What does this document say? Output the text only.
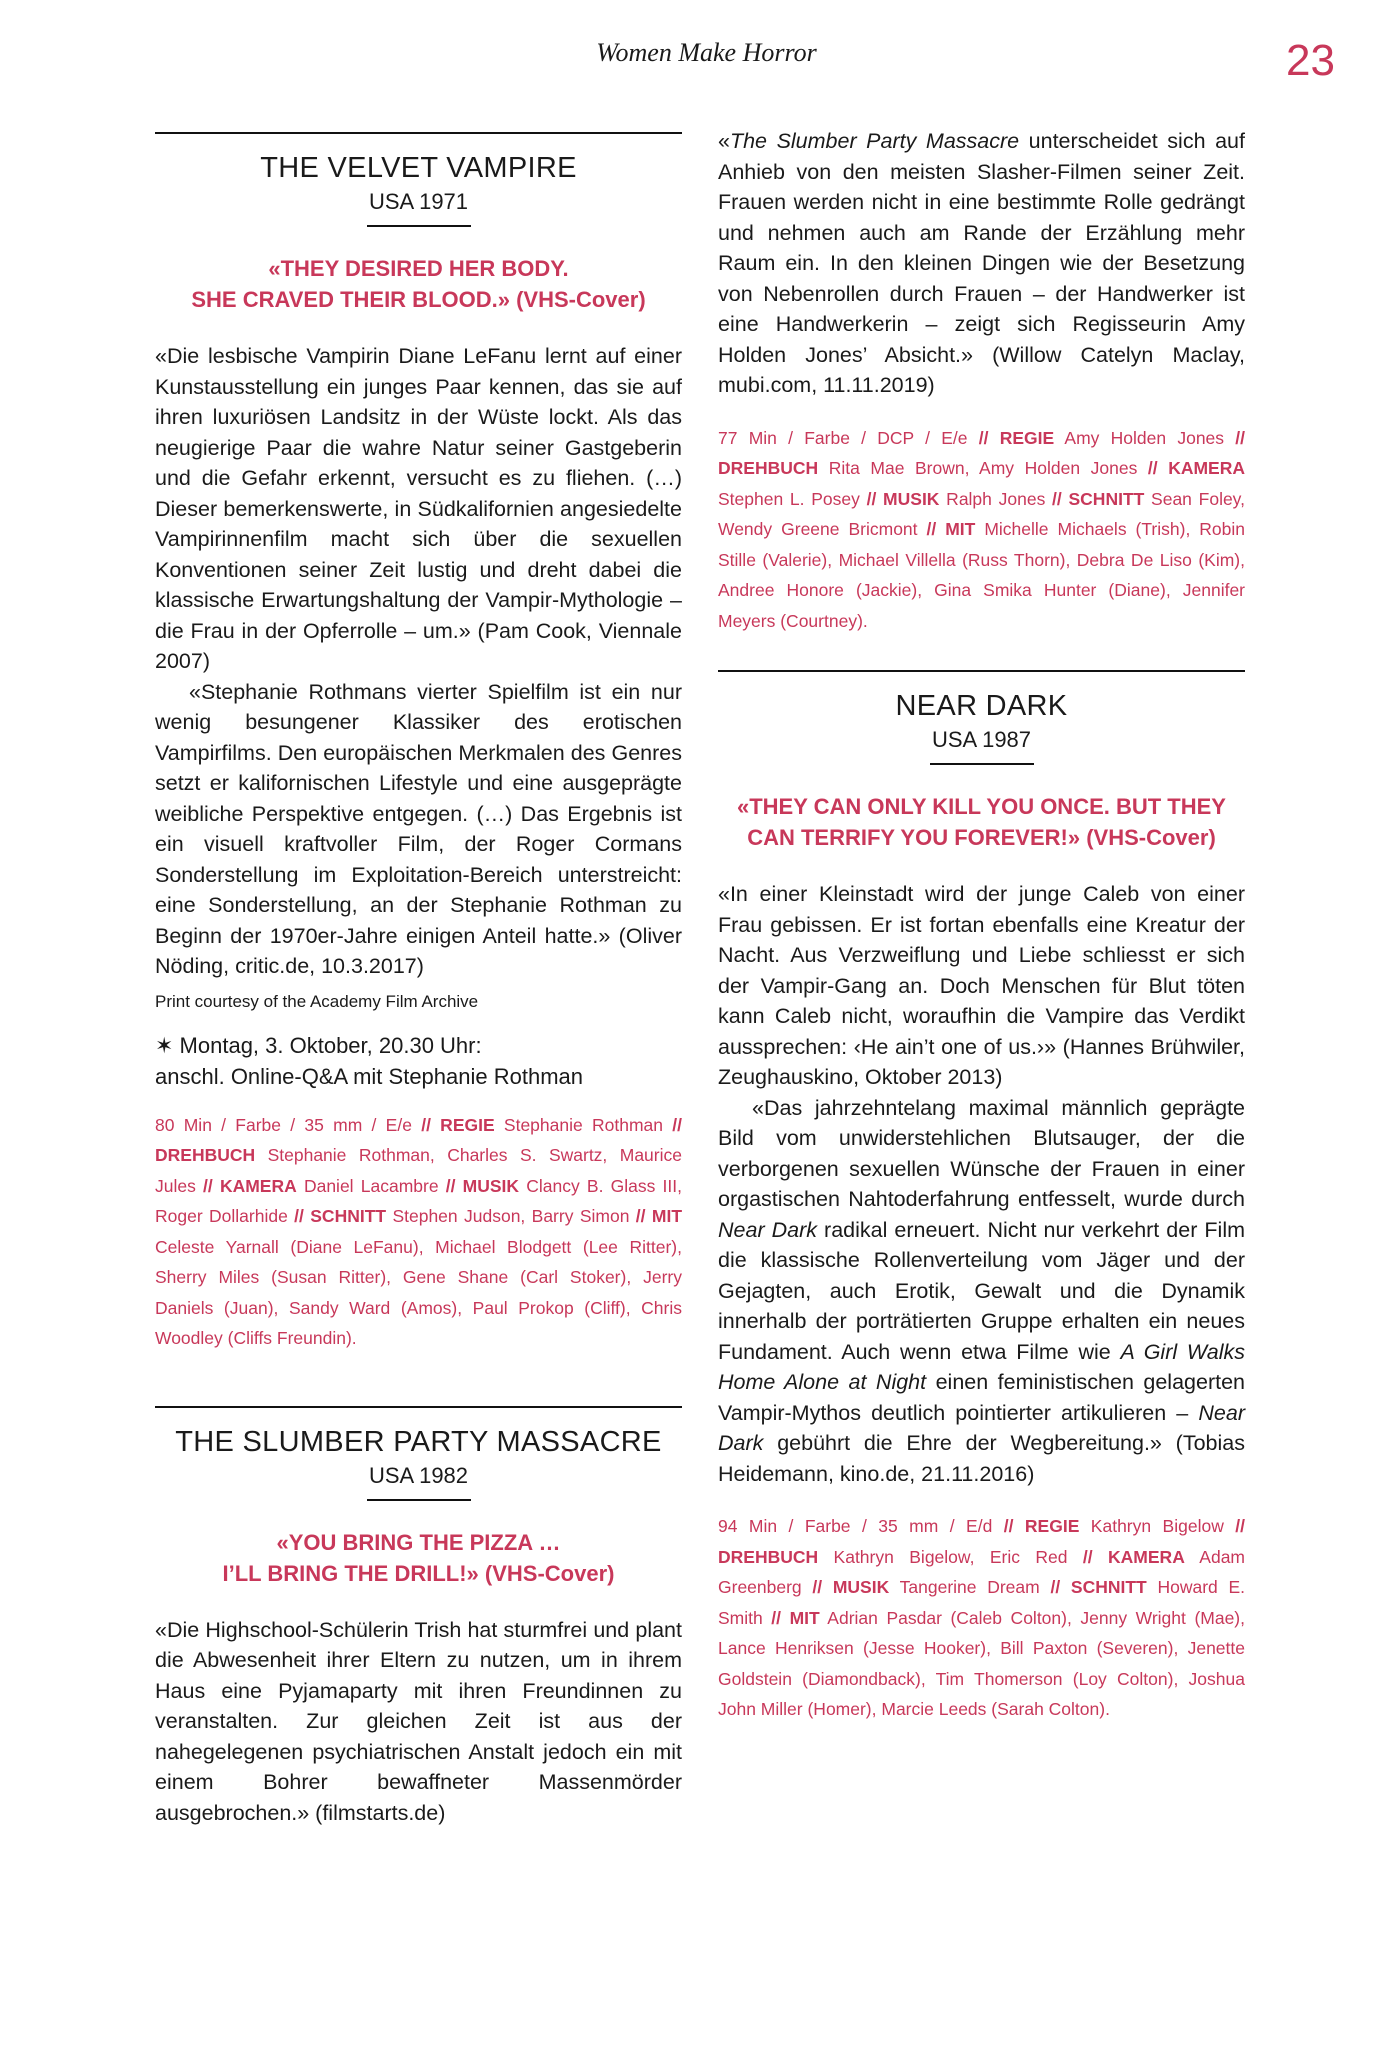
Women Make Horror	23
THE VELVET VAMPIRE
USA 1971
«THEY DESIRED HER BODY.
SHE CRAVED THEIR BLOOD.» (VHS-Cover)

«Die lesbische Vampirin Diane LeFanu lernt auf einer Kunstausstellung ein junges Paar kennen, das sie auf ihren luxuriösen Landsitz in der Wüste lockt. Als das neugierige Paar die wahre Natur seiner Gastgeberin und die Gefahr erkennt, versucht es zu fliehen. (…) Dieser bemerkenswerte, in Südkalifornien angesiedelte Vampirinnenfilm macht sich über die sexuellen Konventionen seiner Zeit lustig und dreht dabei die klassische Erwartungshaltung der Vampir-Mythologie – die Frau in der Opferrolle – um.» (Pam Cook, Viennale 2007)

«Stephanie Rothmans vierter Spielfilm ist ein nur wenig besungener Klassiker des erotischen Vampirfilms. Den europäischen Merkmalen des Genres setzt er kalifornischen Lifestyle und eine ausgeprägte weibliche Perspektive entgegen. (…) Das Ergebnis ist ein visuell kraftvoller Film, der Roger Cormans Sonderstellung im Exploitation-Bereich unterstreicht: eine Sonderstellung, an der Stephanie Rothman zu Beginn der 1970er-Jahre einigen Anteil hatte.» (Oliver Nöding, critic.de, 10.3.2017)

Print courtesy of the Academy Film Archive
✶ Montag, 3. Oktober, 20.30 Uhr:
anschl. Online-Q&A mit Stephanie Rothman
80 Min / Farbe / 35 mm / E/e // REGIE Stephanie Rothman // DREHBUCH Stephanie Rothman, Charles S. Swartz, Maurice Jules // KAMERA Daniel Lacambre // MUSIK Clancy B. Glass III, Roger Dollarhide // SCHNITT Stephen Judson, Barry Simon // MIT Celeste Yarnall (Diane LeFanu), Michael Blodgett (Lee Ritter), Sherry Miles (Susan Ritter), Gene Shane (Carl Stoker), Jerry Daniels (Juan), Sandy Ward (Amos), Paul Prokop (Cliff), Chris Woodley (Cliffs Freundin).
THE SLUMBER PARTY MASSACRE
USA 1982
«YOU BRING THE PIZZA …
I’LL BRING THE DRILL!» (VHS-Cover)

«Die Highschool-Schülerin Trish hat sturmfrei und plant die Abwesenheit ihrer Eltern zu nutzen, um in ihrem Haus eine Pyjamaparty mit ihren Freundinnen zu veranstalten. Zur gleichen Zeit ist aus der nahegelegenen psychiatrischen Anstalt jedoch ein mit einem Bohrer bewaffneter Massenmörder ausgebrochen.» (filmstarts.de)

«The Slumber Party Massacre unterscheidet sich auf Anhieb von den meisten Slasher-Filmen seiner Zeit. Frauen werden nicht in eine bestimmte Rolle gedrängt und nehmen auch am Rande der Erzählung mehr Raum ein. In den kleinen Dingen wie der Besetzung von Nebenrollen durch Frauen – der Handwerker ist eine Handwerkerin – zeigt sich Regisseurin Amy Holden Jones’ Absicht.» (Willow Catelyn Maclay, mubi.com, 11.11.2019)

77 Min / Farbe / DCP / E/e // REGIE Amy Holden Jones // DREHBUCH Rita Mae Brown, Amy Holden Jones // KAMERA Stephen L. Posey // MUSIK Ralph Jones // SCHNITT Sean Foley, Wendy Greene Bricmont // MIT Michelle Michaels (Trish), Robin Stille (Valerie), Michael Villella (Russ Thorn), Debra De Liso (Kim), Andree Honore (Jackie), Gina Smika Hunter (Diane), Jennifer Meyers (Courtney).
NEAR DARK
USA 1987
«THEY CAN ONLY KILL YOU ONCE. BUT THEY
CAN TERRIFY YOU FOREVER!» (VHS-Cover)

«In einer Kleinstadt wird der junge Caleb von einer Frau gebissen. Er ist fortan ebenfalls eine Kreatur der Nacht. Aus Verzweiflung und Liebe schliesst er sich der Vampir-Gang an. Doch Menschen für Blut töten kann Caleb nicht, woraufhin die Vampire das Verdikt aussprechen: ‹He ain’t one of us.›» (Hannes Brühwiler, Zeughauskino, Oktober 2013)

«Das jahrzehntelang maximal männlich geprägte Bild vom unwiderstehlichen Blutsauger, der die verborgenen sexuellen Wünsche der Frauen in einer orgastischen Nahtoderfahrung entfesselt, wurde durch Near Dark radikal erneuert. Nicht nur verkehrt der Film die klassische Rollenverteilung vom Jäger und der Gejagten, auch Erotik, Gewalt und die Dynamik innerhalb der porträtierten Gruppe erhalten ein neues Fundament. Auch wenn etwa Filme wie A Girl Walks Home Alone at Night einen feministischen gelagerten Vampir-Mythos deutlich pointierter artikulieren – Near Dark gebührt die Ehre der Wegbereitung.» (Tobias Heidemann, kino.de, 21.11.2016)

94 Min / Farbe / 35 mm / E/d // REGIE Kathryn Bigelow // DREHBUCH Kathryn Bigelow, Eric Red // KAMERA Adam Greenberg // MUSIK Tangerine Dream // SCHNITT Howard E. Smith // MIT Adrian Pasdar (Caleb Colton), Jenny Wright (Mae), Lance Henriksen (Jesse Hooker), Bill Paxton (Severen), Jenette Goldstein (Diamondback), Tim Thomerson (Loy Colton), Joshua John Miller (Homer), Marcie Leeds (Sarah Colton).
